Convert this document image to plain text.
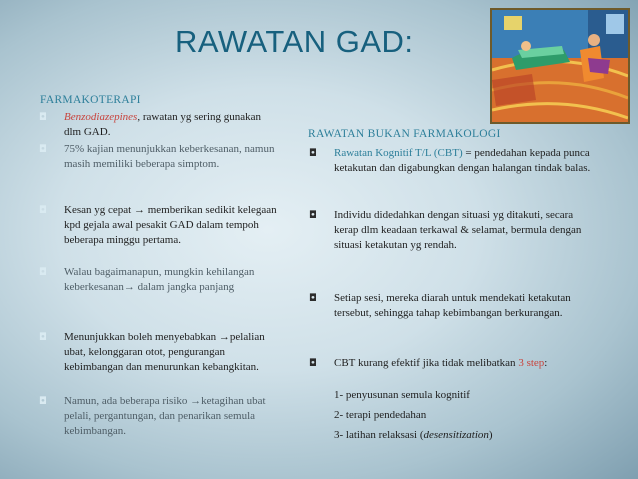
RAWATAN GAD:
FARMAKOTERAPI
◘	Benzodiazepines, rawatan yg sering gunakan dlm GAD.
◘	75% kajian menunjukkan keberkesanan, namun masih memiliki beberapa simptom.
◘	Kesan yg cepat → memberikan sedikit kelegaan kpd gejala awal pesakit GAD dalam tempoh beberapa minggu pertama.
◘	Walau bagaimanapun, mungkin kehilangan keberkesanan→ dalam jangka panjang
◘	Menunjukkan boleh menyebabkan →pelalian ubat, kelonggaran otot, pengurangan kebimbangan dan menurunkan kebangkitan.
◘	Namun, ada beberapa risiko →ketagihan ubat pelali, pergantungan, dan penarikan semula kebimbangan.
RAWATAN BUKAN FARMAKOLOGI
◘	Rawatan Kognitif T/L (CBT) = pendedahan kepada punca ketakutan dan digabungkan dengan halangan tindak balas.
◘	Individu didedahkan dengan situasi yg ditakuti, secara kerap dlm keadaan terkawal & selamat, bermula dengan situasi ketakutan yg rendah.
◘	Setiap sesi, mereka diarah untuk mendekati ketakutan tersebut, sehingga tahap kebimbangan berkurangan.
◘	CBT kurang efektif jika tidak melibatkan 3 step:
1- penyusunan semula kognitif
2- terapi pendedahan
3- latihan relaksasi (desensitization)
